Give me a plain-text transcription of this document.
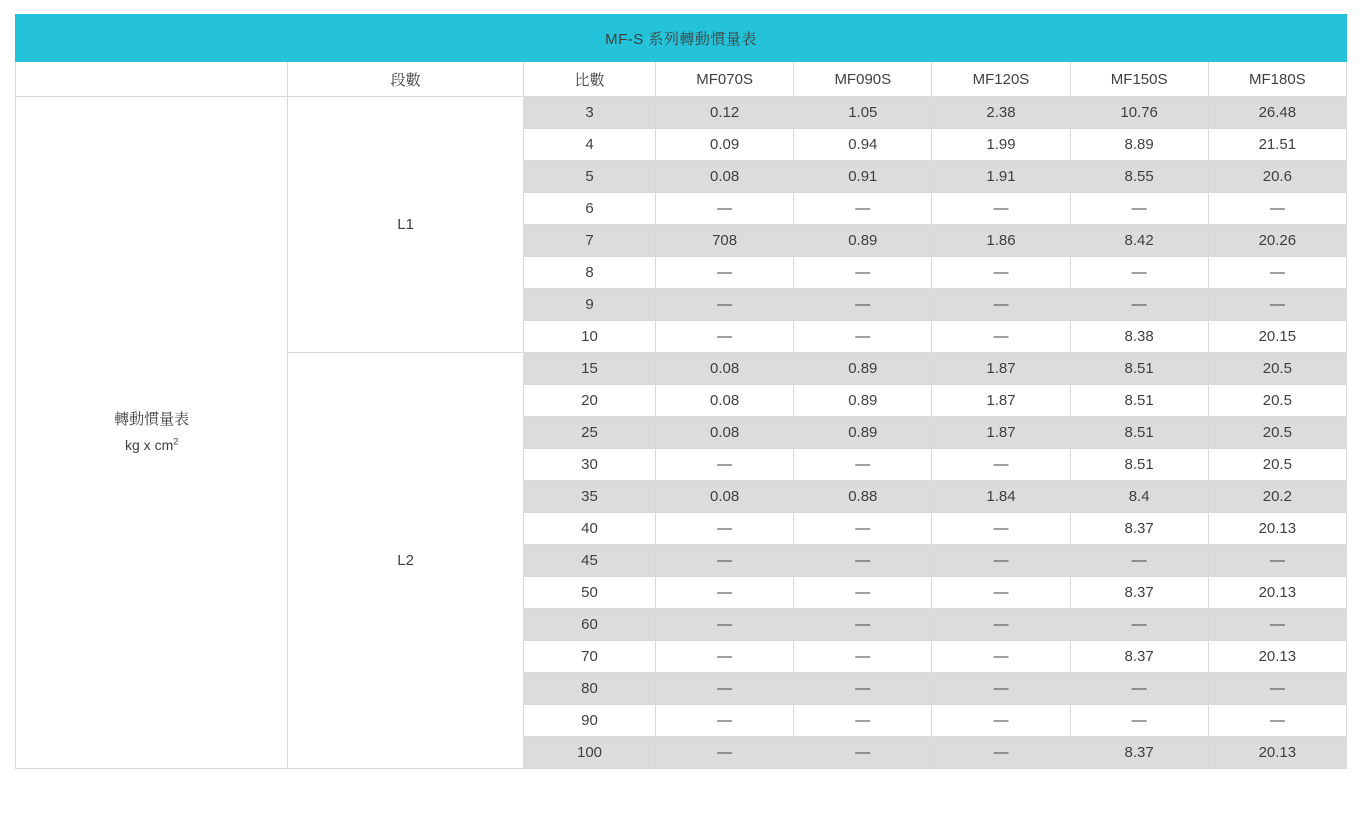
MF-S 系列轉動慣量表							
	段數	比數	MF070S	MF090S	MF120S	MF150S	MF180S

轉動慣量表
kg x $cm^2$	L1	3	0.12	1.05	2.38	10.76	26.48
		4	0.09	0.94	1.99	8.89	21.51
		5	0.08	0.91	1.91	8.55	20.6
		6	—	—	—	—	—
		7	708	0.89	1.86	8.42	20.26
		8	—	—	—	—	—
		9	—	—	—	—	—
		10	—	—	—	8.38	20.15
	L2	15	0.08	0.89	1.87	8.51	20.5
		20	0.08	0.89	1.87	8.51	20.5
		25	0.08	0.89	1.87	8.51	20.5
		30	—	—	—	8.51	20.5
		35	0.08	0.88	1.84	8.4	20.2
		40	—	—	—	8.37	20.13
		45	—	—	—	—	—
		50	—	—	—	8.37	20.13
		60	—	—	—	—	—
		70	—	—	—	8.37	20.13
		80	—	—	—	—	—
		90	—	—	—	—	—
		100	—	—	—	8.37	20.13
